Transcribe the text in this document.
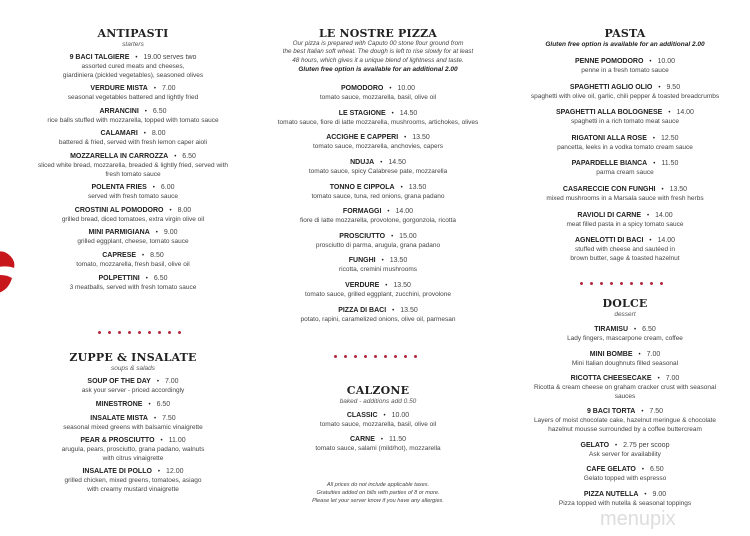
ANTIPASTI
starters
9 BACI TALGIERE • 19.00 serves two
assorted cured meats and cheeses,
giardiniera (pickled vegetables), seasoned olives
VERDURE MISTA • 7.00
seasonal vegetables battered and lightly fried
ARRANCINI • 6.50
rice balls stuffed with mozzarella, topped with tomato sauce
CALAMARI • 8.00
battered & fried, served with fresh lemon caper aioli
MOZZARELLA IN CARROZZA • 6.50
sliced white bread, mozzarella, breaded & lightly fried, served with
fresh tomato sauce
POLENTA FRIES • 6.00
served with fresh tomato sauce
CROSTINI AL POMODORO • 8.00
grilled bread, diced tomatoes, extra virgin olive oil
MINI PARMIGIANA • 9.00
grilled eggplant, cheese, tomato sauce
CAPRESE • 8.50
tomato, mozzarella, fresh basil, olive oil
POLPETTINI • 6.50
3 meatballs, served with fresh tomato sauce
ZUPPE & INSALATE
soups & salads
SOUP OF THE DAY • 7.00
ask your server - priced accordingly
MINESTRONE • 6.50
INSALATE MISTA • 7.50
seasonal mixed greens with balsamic vinaigrette
PEAR & PROSCIUTTO • 11.00
arugula, pears, prosciutto, grana padano, walnuts
with citrus vinaigrette
INSALATE DI POLLO • 12.00
grilled chicken, mixed greens, tomatoes, asiago
with creamy mustard vinaigrette
LE NOSTRE PIZZA
Our pizza is prepared with Caputo 00 stone flour ground from
the best Italian soft wheat. The dough is left to rise slowly for at least
48 hours, which gives it a unique blend of lightness and taste.
Gluten free option is available for an additional 2.00
POMODORO • 10.00
tomato sauce, mozzarella, basil, olive oil
LE STAGIONE • 14.50
tomato sauce, fiore di latte mozzarella, mushrooms, artichokes, olives
ACCIGHE E CAPPERI • 13.50
tomato sauce, mozzarella, anchovies, capers
NDUJA • 14.50
tomato sauce, spicy Calabrese pate, mozzarella
TONNO E CIPPOLA • 13.50
tomato sauce, tuna, red onions, grana padano
FORMAGGI • 14.00
fiore di latte mozzarella, provolone, gorgonzola, ricotta
PROSCIUTTO • 15.00
prosciutto di parma, arugula, grana padano
FUNGHI • 13.50
ricotta, cremini mushrooms
VERDURE • 13.50
tomato sauce, grilled eggplant, zucchini, provolone
PIZZA DI BACI • 13.50
potato, rapini, caramelized onions, olive oil, parmesan
CALZONE
baked - additions add 0.50
CLASSIC • 10.00
tomato sauce, mozzarella, basil, olive oil
CARNE • 11.50
tomato sauce, salami (mild/hot), mozzarella
All prices do not include applicable taxes.
Gratuities added on bills with parties of 8 or more.
Please let your server know if you have any allergies.
PASTA
Gluten free option is available for an additional 2.00
PENNE POMODORO • 10.00
penne in a fresh tomato sauce
SPAGHETTI AGLIO OLIO • 9.50
spaghetti with olive oil, garlic, chili pepper & toasted breadcrumbs
SPAGHETTI ALLA BOLOGNESE • 14.00
spaghetti in a rich tomato meat sauce
RIGATONI ALLA ROSE • 12.50
pancetta, leeks in a vodka tomato cream sauce
PAPARDELLE BIANCA • 11.50
parma cream sauce
CASARECCIE CON FUNGHI • 13.50
mixed mushrooms in a Marsala sauce with fresh herbs
RAVIOLI DI CARNE • 14.00
meat filled pasta in a spicy tomato sauce
AGNELOTTI DI BACI • 14.00
stuffed with cheese and sautéed in
brown butter, sage & toasted hazelnut
DOLCE
dessert
TIRAMISU • 6.50
Lady fingers, mascarpone cream, coffee
MINI BOMBE • 7.00
Mini Italian doughnuts filled seasonal
RICOTTA CHEESECAKE • 7.00
Ricotta & cream cheese on graham cracker crust with seasonal
sauces
9 BACI TORTA • 7.50
Layers of moist chocolate cake, hazelnut meringue & chocolate
hazelnut mousse surrounded by a coffee buttercream
GELATO • 2.75 per scoop
Ask server for availability
CAFE GELATO • 6.50
Gelato topped with espresso
PIZZA NUTELLA • 9.00
Pizza topped with nutella & seasonal toppings
menupix
